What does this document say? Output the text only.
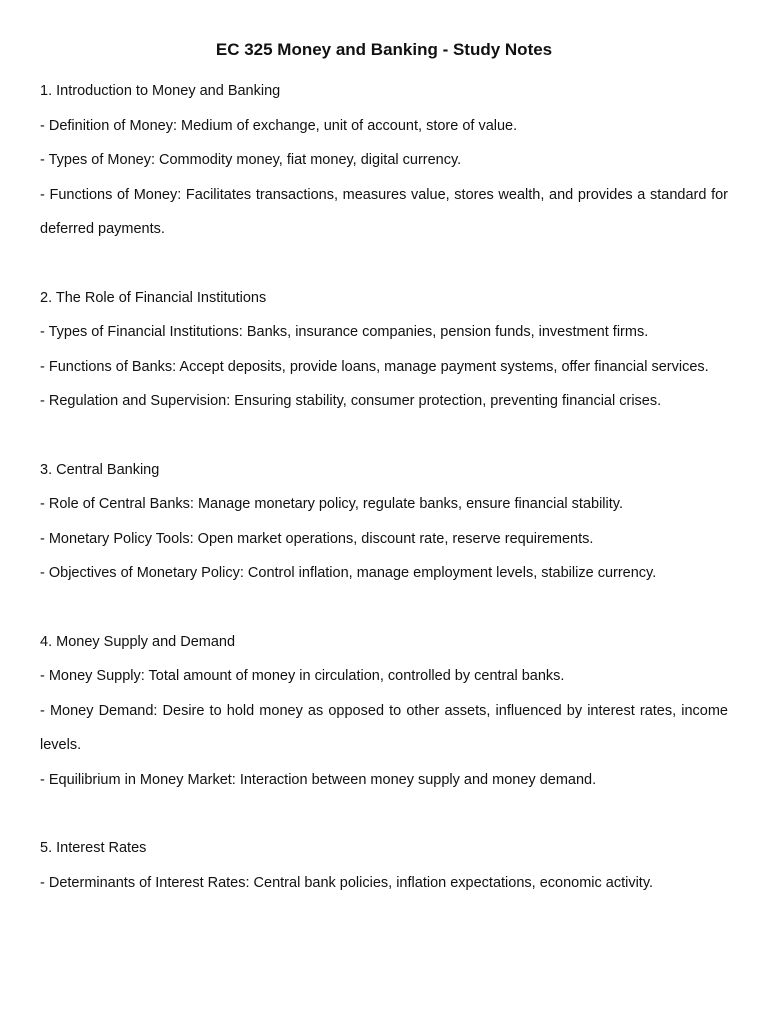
EC 325 Money and Banking - Study Notes

1. Introduction to Money and Banking

- Definition of Money: Medium of exchange, unit of account, store of value.

- Types of Money: Commodity money, fiat money, digital currency.

- Functions of Money: Facilitates transactions, measures value, stores wealth, and provides a standard for deferred payments.

2. The Role of Financial Institutions

- Types of Financial Institutions: Banks, insurance companies, pension funds, investment firms.

- Functions of Banks: Accept deposits, provide loans, manage payment systems, offer financial services.

- Regulation and Supervision: Ensuring stability, consumer protection, preventing financial crises.

3. Central Banking

- Role of Central Banks: Manage monetary policy, regulate banks, ensure financial stability.

- Monetary Policy Tools: Open market operations, discount rate, reserve requirements.

- Objectives of Monetary Policy: Control inflation, manage employment levels, stabilize currency.

4. Money Supply and Demand

- Money Supply: Total amount of money in circulation, controlled by central banks.

- Money Demand: Desire to hold money as opposed to other assets, influenced by interest rates, income levels.

- Equilibrium in Money Market: Interaction between money supply and money demand.

5. Interest Rates

- Determinants of Interest Rates: Central bank policies, inflation expectations, economic activity.
